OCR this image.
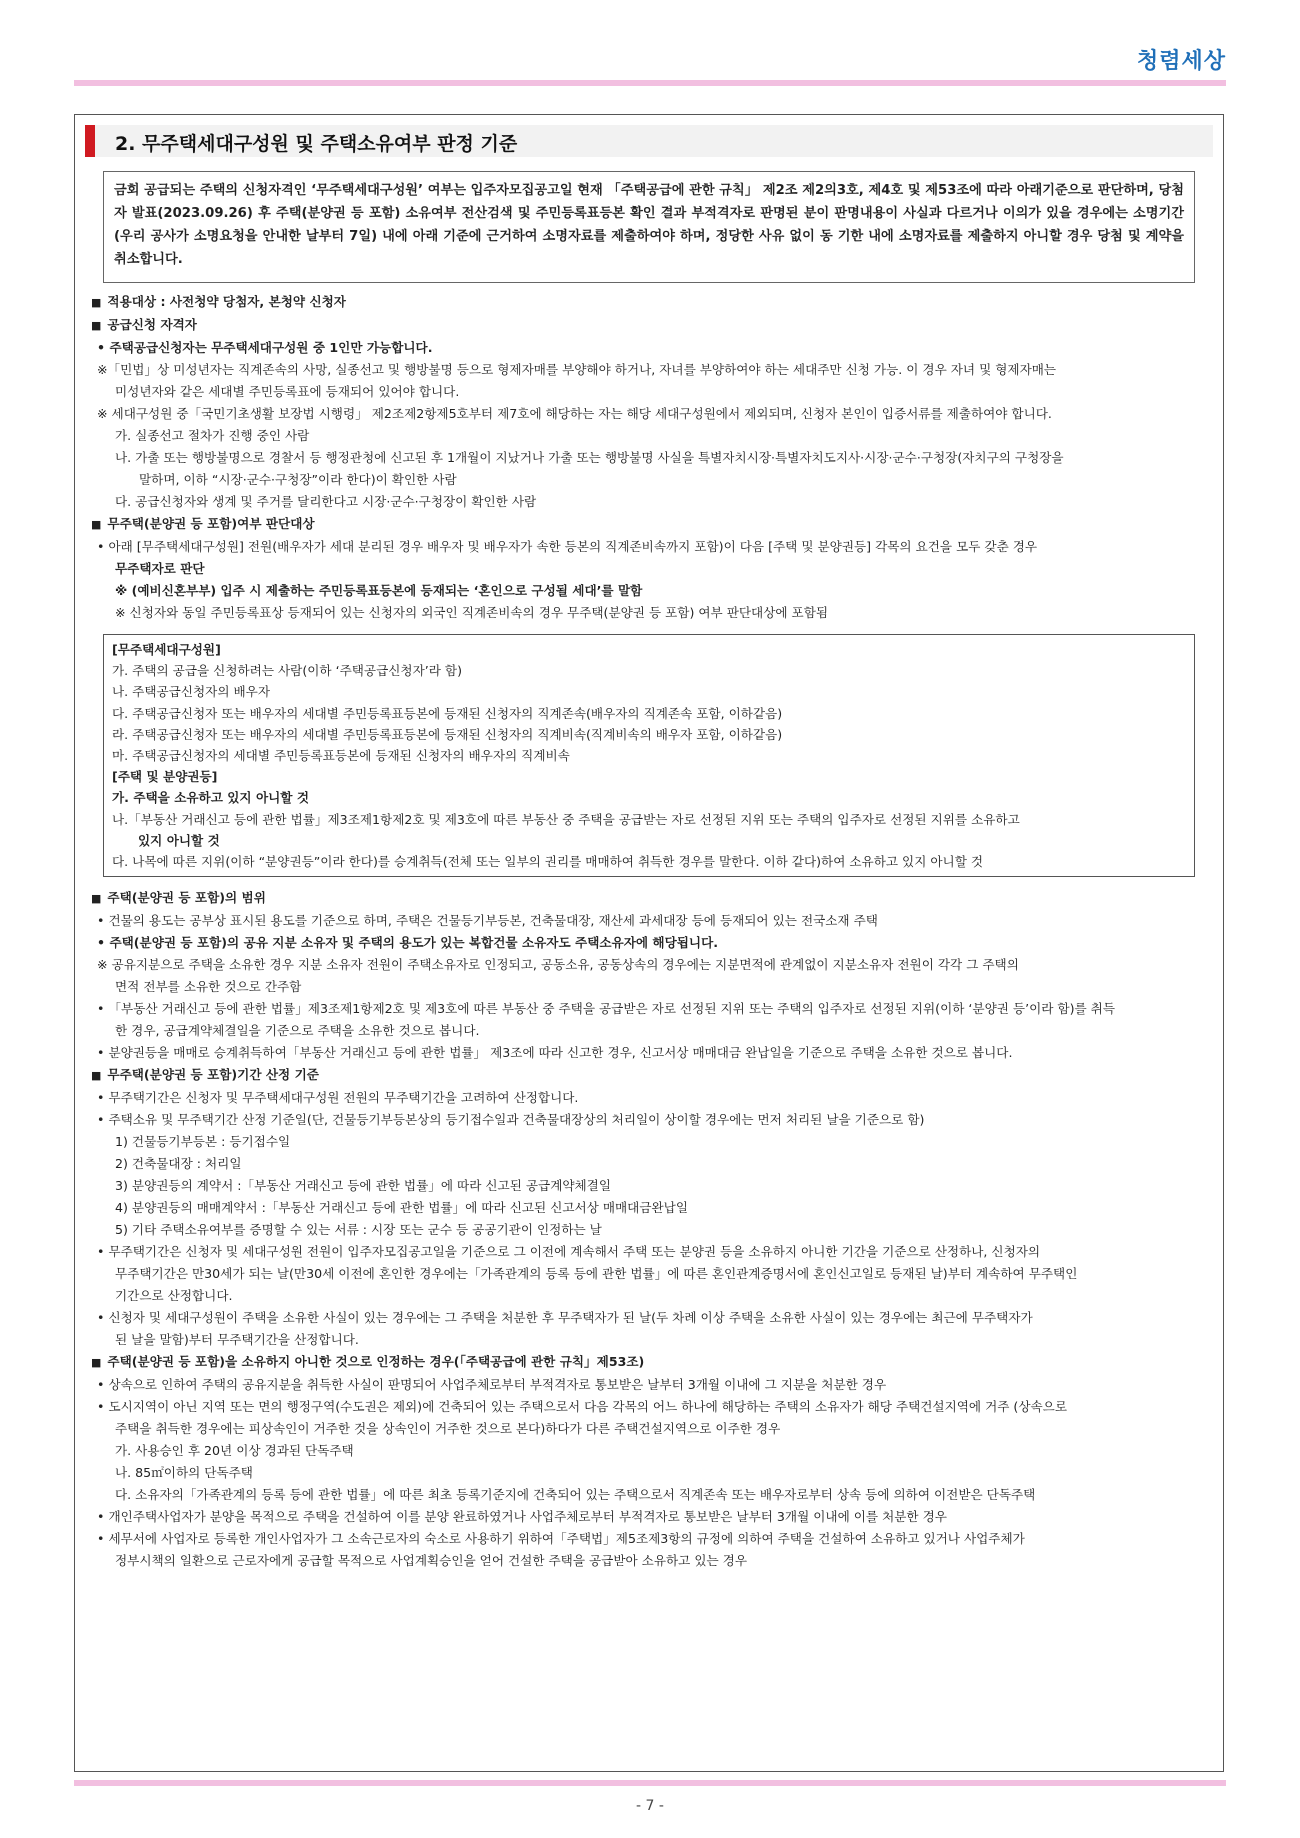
청렴세상
2. 무주택세대구성원 및 주택소유여부 판정 기준
금회 공급되는 주택의 신청자격인 ‘무주택세대구성원’ 여부는 입주자모집공고일 현재 「주택공급에 관한 규칙」 제2조 제2의3호, 제4호 및 제53조에 따라 아래기준으로 판단하며, 당첨자 발표(2023.09.26) 후 주택(분양권 등 포함) 소유여부 전산검색 및 주민등록표등본 확인 결과 부적격자로 판명된 분이 판명내용이 사실과 다르거나 이의가 있을 경우에는 소명기간(우리 공사가 소명요청을 안내한 날부터 7일) 내에 아래 기준에 근거하여 소명자료를 제출하여야 하며, 정당한 사유 없이 동 기한 내에 소명자료를 제출하지 아니할 경우 당첨 및 계약을 취소합니다.
■ 적용대상 : 사전청약 당첨자, 본청약 신청자
■ 공급신청 자격자
• 주택공급신청자는 무주택세대구성원 중 1인만 가능합니다.
※「민법」상 미성년자는 직계존속의 사망, 실종선고 및 행방불명 등으로 형제자매를 부양해야 하거나, 자녀를 부양하여야 하는 세대주만 신청 가능. 이 경우 자녀 및 형제자매는
미성년자와 같은 세대별 주민등록표에 등재되어 있어야 합니다.
※ 세대구성원 중「국민기초생활 보장법 시행령」 제2조제2항제5호부터 제7호에 해당하는 자는 해당 세대구성원에서 제외되며, 신청자 본인이 입증서류를 제출하여야 합니다.
가. 실종선고 절차가 진행 중인 사람
나. 가출 또는 행방불명으로 경찰서 등 행정관청에 신고된 후 1개월이 지났거나 가출 또는 행방불명 사실을 특별자치시장·특별자치도지사·시장·군수·구청장(자치구의 구청장을
말하며, 이하 “시장·군수·구청장”이라 한다)이 확인한 사람
다. 공급신청자와 생계 및 주거를 달리한다고 시장·군수·구청장이 확인한 사람
■ 무주택(분양권 등 포함)여부 판단대상
• 아래 [무주택세대구성원] 전원(배우자가 세대 분리된 경우 배우자 및 배우자가 속한 등본의 직계존비속까지 포함)이 다음 [주택 및 분양권등] 각목의 요건을 모두 갖춘 경우
무주택자로 판단
※ (예비신혼부부) 입주 시 제출하는 주민등록표등본에 등재되는 ‘혼인으로 구성될 세대’를 말함
※ 신청자와 동일 주민등록표상 등재되어 있는 신청자의 외국인 직계존비속의 경우 무주택(분양권 등 포함) 여부 판단대상에 포함됨
[무주택세대구성원]
가. 주택의 공급을 신청하려는 사람(이하 ‘주택공급신청자’라 함)
나. 주택공급신청자의 배우자
다. 주택공급신청자 또는 배우자의 세대별 주민등록표등본에 등재된 신청자의 직계존속(배우자의 직계존속 포함, 이하같음)
라. 주택공급신청자 또는 배우자의 세대별 주민등록표등본에 등재된 신청자의 직계비속(직계비속의 배우자 포함, 이하같음)
마. 주택공급신청자의 세대별 주민등록표등본에 등재된 신청자의 배우자의 직계비속
[주택 및 분양권등]
가. 주택을 소유하고 있지 아니할 것
나.「부동산 거래신고 등에 관한 법률」제3조제1항제2호 및 제3호에 따른 부동산 중 주택을 공급받는 자로 선정된 지위 또는 주택의 입주자로 선정된 지위를 소유하고
있지 아니할 것
다. 나목에 따른 지위(이하 “분양권등”이라 한다)를 승계취득(전체 또는 일부의 권리를 매매하여 취득한 경우를 말한다. 이하 같다)하여 소유하고 있지 아니할 것
■ 주택(분양권 등 포함)의 범위
• 건물의 용도는 공부상 표시된 용도를 기준으로 하며, 주택은 건물등기부등본, 건축물대장, 재산세 과세대장 등에 등재되어 있는 전국소재 주택
• 주택(분양권 등 포함)의 공유 지분 소유자 및 주택의 용도가 있는 복합건물 소유자도 주택소유자에 해당됩니다.
※ 공유지분으로 주택을 소유한 경우 지분 소유자 전원이 주택소유자로 인정되고, 공동소유, 공동상속의 경우에는 지분면적에 관계없이 지분소유자 전원이 각각 그 주택의
면적 전부를 소유한 것으로 간주함
• 「부동산 거래신고 등에 관한 법률」제3조제1항제2호 및 제3호에 따른 부동산 중 주택을 공급받은 자로 선정된 지위 또는 주택의 입주자로 선정된 지위(이하 ‘분양권 등’이라 함)를 취득
한 경우, 공급계약체결일을 기준으로 주택을 소유한 것으로 봅니다.
• 분양권등을 매매로 승계취득하여「부동산 거래신고 등에 관한 법률」 제3조에 따라 신고한 경우, 신고서상 매매대금 완납일을 기준으로 주택을 소유한 것으로 봅니다.
■ 무주택(분양권 등 포함)기간 산정 기준
• 무주택기간은 신청자 및 무주택세대구성원 전원의 무주택기간을 고려하여 산정합니다.
• 주택소유 및 무주택기간 산정 기준일(단, 건물등기부등본상의 등기접수일과 건축물대장상의 처리일이 상이할 경우에는 먼저 처리된 날을 기준으로 함)
1) 건물등기부등본 : 등기접수일
2) 건축물대장 : 처리일
3) 분양권등의 계약서 :「부동산 거래신고 등에 관한 법률」에 따라 신고된 공급계약체결일
4) 분양권등의 매매계약서 :「부동산 거래신고 등에 관한 법률」에 따라 신고된 신고서상 매매대금완납일
5) 기타 주택소유여부를 증명할 수 있는 서류 : 시장 또는 군수 등 공공기관이 인정하는 날
• 무주택기간은 신청자 및 세대구성원 전원이 입주자모집공고일을 기준으로 그 이전에 계속해서 주택 또는 분양권 등을 소유하지 아니한 기간을 기준으로 산정하나, 신청자의
무주택기간은 만30세가 되는 날(만30세 이전에 혼인한 경우에는「가족관계의 등록 등에 관한 법률」에 따른 혼인관계증명서에 혼인신고일로 등재된 날)부터 계속하여 무주택인
기간으로 산정합니다.
• 신청자 및 세대구성원이 주택을 소유한 사실이 있는 경우에는 그 주택을 처분한 후 무주택자가 된 날(두 차례 이상 주택을 소유한 사실이 있는 경우에는 최근에 무주택자가
된 날을 말함)부터 무주택기간을 산정합니다.
■ 주택(분양권 등 포함)을 소유하지 아니한 것으로 인정하는 경우(「주택공급에 관한 규칙」제53조)
• 상속으로 인하여 주택의 공유지분을 취득한 사실이 판명되어 사업주체로부터 부적격자로 통보받은 날부터 3개월 이내에 그 지분을 처분한 경우
• 도시지역이 아닌 지역 또는 면의 행정구역(수도권은 제외)에 건축되어 있는 주택으로서 다음 각목의 어느 하나에 해당하는 주택의 소유자가 해당 주택건설지역에 거주 (상속으로
주택을 취득한 경우에는 피상속인이 거주한 것을 상속인이 거주한 것으로 본다)하다가 다른 주택건설지역으로 이주한 경우
가. 사용승인 후 20년 이상 경과된 단독주택
나. 85㎡이하의 단독주택
다. 소유자의「가족관계의 등록 등에 관한 법률」에 따른 최초 등록기준지에 건축되어 있는 주택으로서 직계존속 또는 배우자로부터 상속 등에 의하여 이전받은 단독주택
• 개인주택사업자가 분양을 목적으로 주택을 건설하여 이를 분양 완료하였거나 사업주체로부터 부적격자로 통보받은 날부터 3개월 이내에 이를 처분한 경우
• 세무서에 사업자로 등록한 개인사업자가 그 소속근로자의 숙소로 사용하기 위하여「주택법」제5조제3항의 규정에 의하여 주택을 건설하여 소유하고 있거나 사업주체가
정부시책의 일환으로 근로자에게 공급할 목적으로 사업계획승인을 얻어 건설한 주택을 공급받아 소유하고 있는 경우
- 7 -
